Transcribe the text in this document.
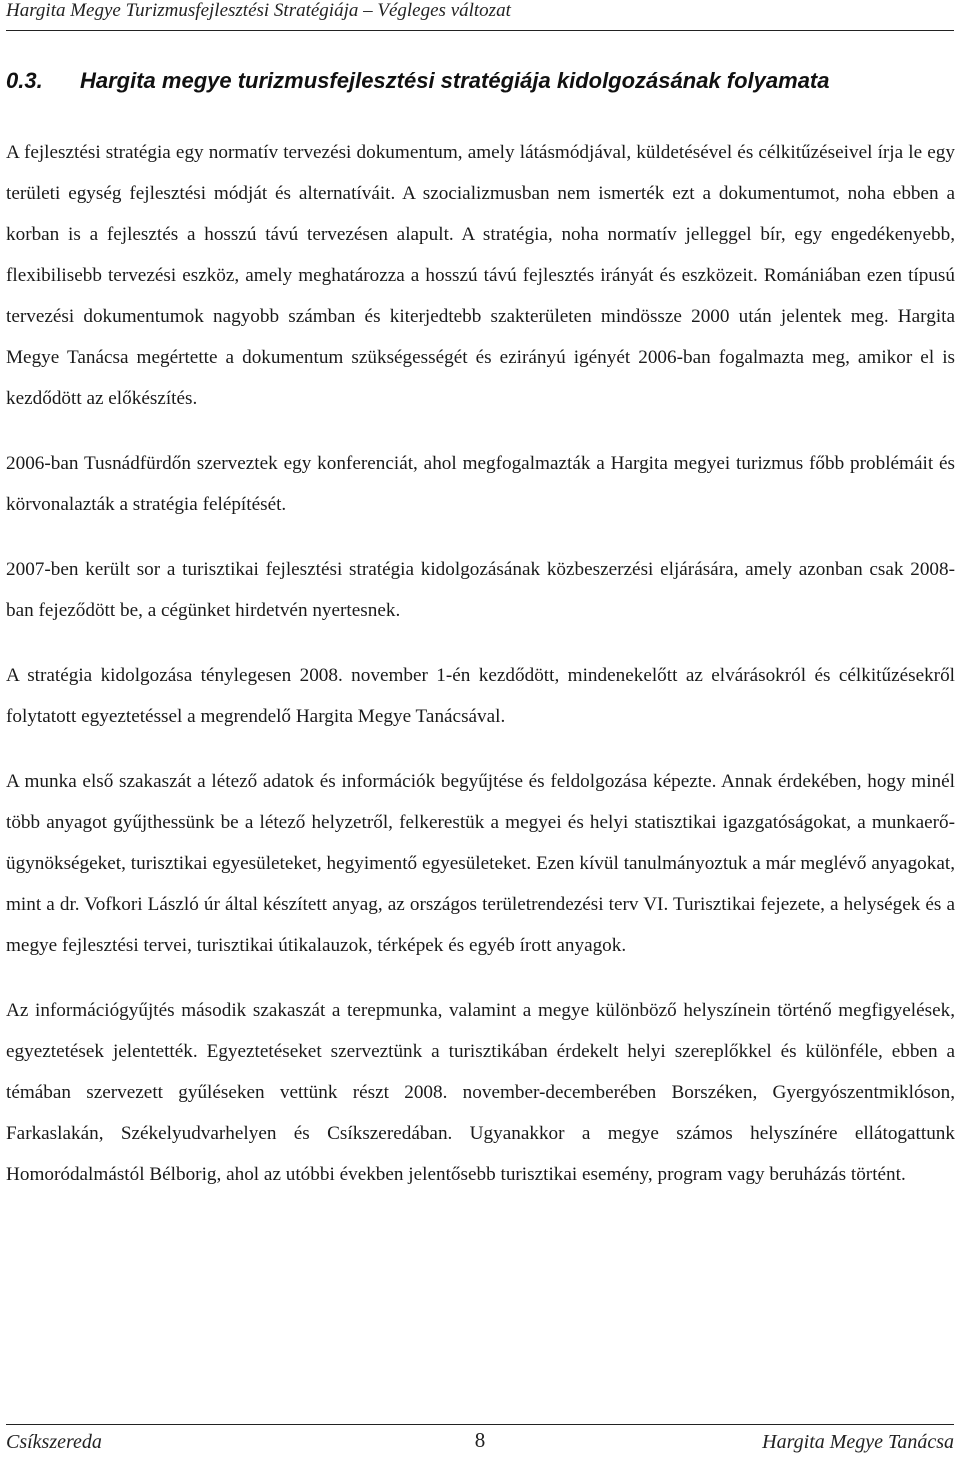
Hargita Megye Turizmusfejlesztési Stratégiája – Végleges változat
0.3. Hargita megye turizmusfejlesztési stratégiája kidolgozásának folyamata

A fejlesztési stratégia egy normatív tervezési dokumentum, amely látásmódjával, küldetésével és célkitűzéseivel írja le egy területi egység fejlesztési módját és alternatíváit. A szocializmusban nem ismerték ezt a dokumentumot, noha ebben a korban is a fejlesztés a hosszú távú tervezésen alapult. A stratégia, noha normatív jelleggel bír, egy engedékenyebb, flexibilisebb tervezési eszköz, amely meghatározza a hosszú távú fejlesztés irányát és eszközeit. Romániában ezen típusú tervezési dokumentumok nagyobb számban és kiterjedtebb szakterületen mindössze 2000 után jelentek meg. Hargita Megye Tanácsa megértette a dokumentum szükségességét és ezirányú igényét 2006-ban fogalmazta meg, amikor el is kezdődött az előkészítés.

2006-ban Tusnádfürdőn szerveztek egy konferenciát, ahol megfogalmazták a Hargita megyei turizmus főbb problémáit és körvonalazták a stratégia felépítését.

2007-ben került sor a turisztikai fejlesztési stratégia kidolgozásának közbeszerzési eljárására, amely azonban csak 2008-ban fejeződött be, a cégünket hirdetvén nyertesnek.

A stratégia kidolgozása ténylegesen 2008. november 1-én kezdődött, mindenekelőtt az elvárásokról és célkitűzésekről folytatott egyeztetéssel a megrendelő Hargita Megye Tanácsával.

A munka első szakaszát a létező adatok és információk begyűjtése és feldolgozása képezte. Annak érdekében, hogy minél több anyagot gyűjthessünk be a létező helyzetről, felkerestük a megyei és helyi statisztikai igazgatóságokat, a munkaerő-ügynökségeket, turisztikai egyesületeket, hegyimentő egyesületeket. Ezen kívül tanulmányoztuk a már meglévő anyagokat, mint a dr. Vofkori László úr által készített anyag, az országos területrendezési terv VI. Turisztikai fejezete, a helységek és a megye fejlesztési tervei, turisztikai útikalauzok, térképek és egyéb írott anyagok.

Az információgyűjtés második szakaszát a terepmunka, valamint a megye különböző helyszínein történő megfigyelések, egyeztetések jelentették. Egyeztetéseket szerveztünk a turisztikában érdekelt helyi szereplőkkel és különféle, ebben a témában szervezett gyűléseken vettünk részt 2008. november-decemberében Borszéken, Gyergyószentmiklóson, Farkaslakán, Székelyudvarhelyen és Csíkszeredában. Ugyanakkor a megye számos helyszínére ellátogattunk Homoródalmástól Bélborig, ahol az utóbbi években jelentősebb turisztikai esemény, program vagy beruházás történt.

Csíkszereda	8	Hargita Megye Tanácsa
